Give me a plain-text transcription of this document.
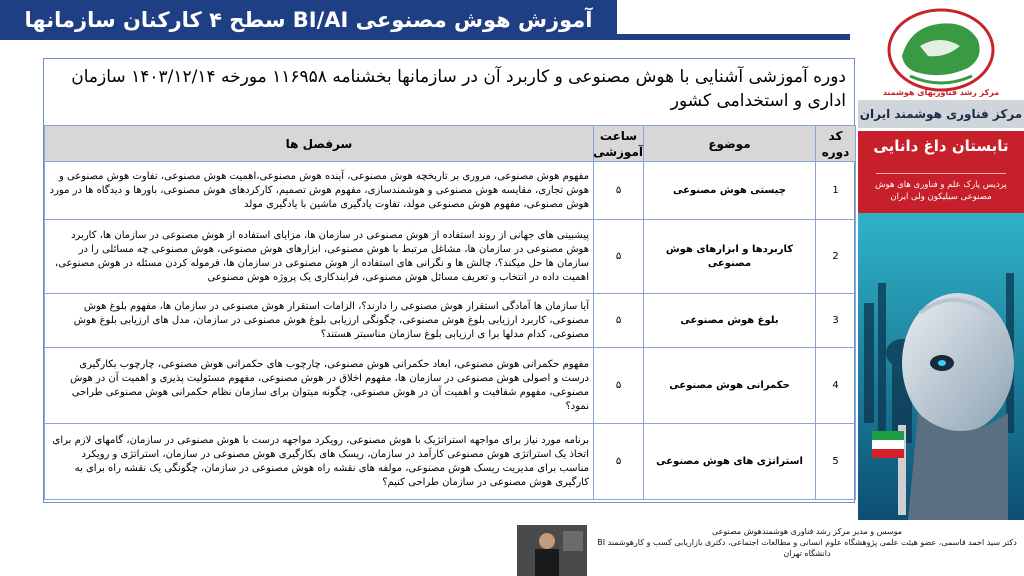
آموزش هوش مصنوعی BI/AI سطح ۴ کارکنان سازمانها
دوره آموزشی آشنایی با هوش مصنوعی و کاربرد آن در سازمانها بخشنامه ۱۱۶۹۵۸ مورخه ۱۴۰۳/۱۲/۱۴ سازمان اداری و استخدامی کشور
کد دوره	موضوع	ساعت آموزشی	سرفصل ها
1	چیستی هوش مصنوعی	۵	مفهوم هوش مصنوعی، مروری بر تاریخچه هوش مصنوعی، آینده هوش مصنوعی،اهمیت هوش مصنوعی، تفاوت هوش مصنوعی و هوش تجاری، مقایسه هوش مصنوعی و هوشمندسازی، مفهوم هوش تصمیم، کارکردهای هوش مصنوعی، باورها و دیدگاه ها در مورد هوش مصنوعی، مفهوم هوش مصنوعی مولد، تفاوت یادگیری ماشین با یادگیری مولد
2	کاربردها و ابزارهای هوش مصنوعی	۵	پیشبینی های جهانی از روند استفاده از هوش مصنوعی در سازمان ها، مزایای استفاده از هوش مصنوعی در سازمان ها، کاربرد هوش مصنوعی در سازمان ها، مشاغل مرتبط با هوش مصنوعی، ابزارهای هوش مصنوعی، هوش مصنوعی چه مسائلی را در سازمان ها حل میکند؟، چالش ها و نگرانی های استفاده از هوش مصنوعی در سازمان ها، فرموله کردن مسئله در هوش مصنوعی، اهمیت داده در انتخاب و تعریف مسائل هوش مصنوعی، فرایندکاری یک پروژه هوش مصنوعی
3	بلوغ هوش مصنوعی	۵	آیا سازمان ها آمادگی استقرار هوش مصنوعی را دارند؟، الزامات استقرار هوش مصنوعی در سازمان ها، مفهوم بلوغ هوش مصنوعی، کاربرد ارزیابی بلوغ هوش مصنوعی، چگونگی ارزیابی بلوغ هوش مصنوعی در سازمان، مدل های ارزیابی بلوغ هوش مصنوعی، کدام مدلها برا ی ارزیابی بلوغ سازمان مناسبتر هستند؟
4	حکمرانی هوش مصنوعی	۵	مفهوم حکمرانی هوش مصنوعی، ابعاد حکمرانی هوش مصنوعی، چارچوب های حکمرانی هوش مصنوعی، چارچوب بکارگیری درست و اصولی هوش مصنوعی در سازمان ها، مفهوم اخلاق در هوش مصنوعی، مفهوم مسئولیت پذیری و اهمیت آن در هوش مصنوعی، مفهوم شفافیت و اهمیت آن در هوش مصنوعی، چگونه میتوان برای سازمان نظام حکمرانی هوش مصنوعی طراحی نمود؟
5	استراتژی های هوش مصنوعی	۵	برنامه مورد نیاز برای مواجهه استراتژیک با هوش مصنوعی، رویکرد مواجهه درست با هوش مصنوعی در سازمان، گامهای لازم برای اتخاذ یک استراتژی هوش مصنوعی کارآمد در سازمان، ریسک های بکارگیری هوش مصنوعی در سازمان، استراتژی و رویکرد مناسب برای مدیریت ریسک هوش مصنوعی، مولفه های نقشه راه هوش مصنوعی در سازمان، چگونگی یک نقشه راه برای به کارگیری هوش مصنوعی در سازمان طراحی کنیم؟
مرکز رشد فناوریهای هوشمند
مرکز فناوری هوشمند ایران
تابستان داغ دانایی
پردیس پارک علم و فناوری های هوش مصنوعی سیلیکون ولی ایران
موسس و مدیر مرکز رشد فناوری هوشمندهوش مصنوعی
دکتر سید احمد قاسمی، عضو هیئت علمی پژوهشگاه علوم انسانی و مطالعات اجتماعی، دکتری بازاریابی کسب و کارهوشمند BI دانشگاه تهران
